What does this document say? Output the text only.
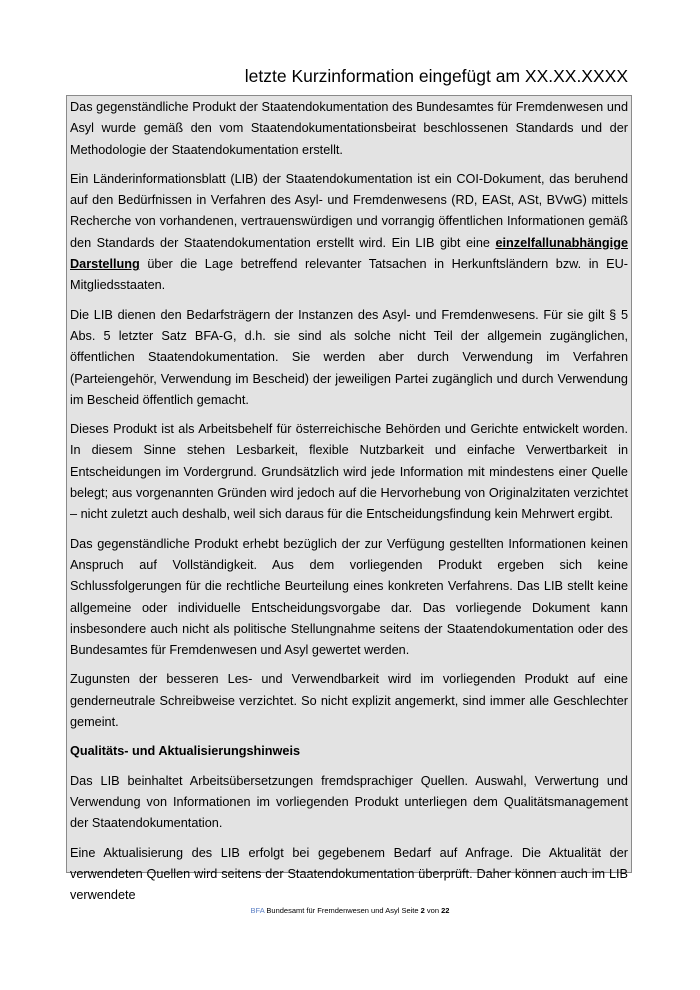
letzte Kurzinformation eingefügt am XX.XX.XXXX

Das gegenständliche Produkt der Staatendokumentation des Bundesamtes für Fremdenwesen und Asyl wurde gemäß den vom Staatendokumentationsbeirat beschlossenen Standards und der Methodologie der Staatendokumentation erstellt.

Ein Länderinformationsblatt (LIB) der Staatendokumentation ist ein COI-Dokument, das beruhend auf den Bedürfnissen in Verfahren des Asyl- und Fremdenwesens (RD, EASt, ASt, BVwG) mittels Recherche von vorhandenen, vertrauenswürdigen und vorrangig öffentlichen Informationen gemäß den Standards der Staatendokumentation erstellt wird. Ein LIB gibt eine einzelfallunabhängige Darstellung über die Lage betreffend relevanter Tatsachen in Herkunftsländern bzw. in EU-Mitgliedsstaaten.

Die LIB dienen den Bedarfsträgern der Instanzen des Asyl- und Fremdenwesens. Für sie gilt § 5 Abs. 5 letzter Satz BFA-G, d.h. sie sind als solche nicht Teil der allgemein zugänglichen, öffentlichen Staatendokumentation. Sie werden aber durch Verwendung im Verfahren (Parteiengehör, Verwendung im Bescheid) der jeweiligen Partei zugänglich und durch Verwendung im Bescheid öffentlich gemacht.

Dieses Produkt ist als Arbeitsbehelf für österreichische Behörden und Gerichte entwickelt worden. In diesem Sinne stehen Lesbarkeit, flexible Nutzbarkeit und einfache Verwertbarkeit in Entscheidungen im Vordergrund. Grundsätzlich wird jede Information mit mindestens einer Quelle belegt; aus vorgenannten Gründen wird jedoch auf die Hervorhebung von Originalzitaten verzichtet – nicht zuletzt auch deshalb, weil sich daraus für die Entscheidungsfindung kein Mehrwert ergibt.

Das gegenständliche Produkt erhebt bezüglich der zur Verfügung gestellten Informationen keinen Anspruch auf Vollständigkeit. Aus dem vorliegenden Produkt ergeben sich keine Schlussfolgerungen für die rechtliche Beurteilung eines konkreten Verfahrens. Das LIB stellt keine allgemeine oder individuelle Entscheidungsvorgabe dar. Das vorliegende Dokument kann insbesondere auch nicht als politische Stellungnahme seitens der Staatendokumentation oder des Bundesamtes für Fremdenwesen und Asyl gewertet werden.

Zugunsten der besseren Les- und Verwendbarkeit wird im vorliegenden Produkt auf eine genderneutrale Schreibweise verzichtet. So nicht explizit angemerkt, sind immer alle Geschlechter gemeint.

Qualitäts- und Aktualisierungshinweis

Das LIB beinhaltet Arbeitsübersetzungen fremdsprachiger Quellen. Auswahl, Verwertung und Verwendung von Informationen im vorliegenden Produkt unterliegen dem Qualitätsmanagement der Staatendokumentation.

Eine Aktualisierung des LIB erfolgt bei gegebenem Bedarf auf Anfrage. Die Aktualität der verwendeten Quellen wird seitens der Staatendokumentation überprüft. Daher können auch im LIB verwendete

BFA Bundesamt für Fremdenwesen und Asyl Seite 2 von 22
